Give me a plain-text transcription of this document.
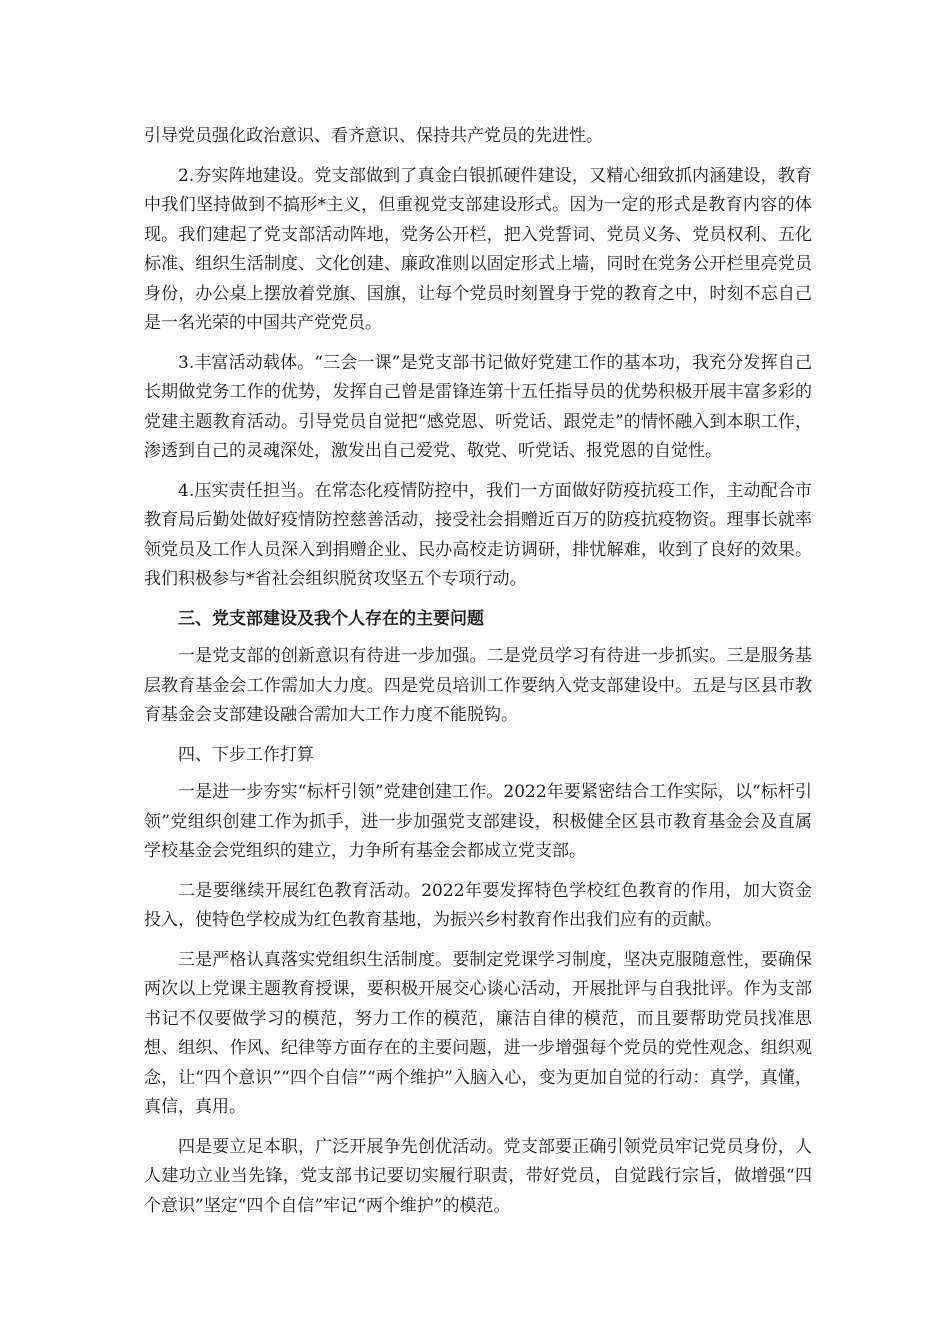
引导党员强化政治意识、看齐意识、保持共产党员的先进性。

2.夯实阵地建设。党支部做到了真金白银抓硬件建设，又精心细致抓内涵建设，教育中我们坚持做到不搞形*主义，但重视党支部建设形式。因为一定的形式是教育内容的体现。我们建起了党支部活动阵地，党务公开栏，把入党誓词、党员义务、党员权利、五化标准、组织生活制度、文化创建、廉政准则以固定形式上墙，同时在党务公开栏里亮党员身份，办公桌上摆放着党旗、国旗，让每个党员时刻置身于党的教育之中，时刻不忘自己是一名光荣的中国共产党党员。

3.丰富活动载体。“三会一课”是党支部书记做好党建工作的基本功，我充分发挥自己长期做党务工作的优势，发挥自己曾是雷锋连第十五任指导员的优势积极开展丰富多彩的党建主题教育活动。引导党员自觉把“感党恩、听党话、跟党走”的情怀融入到本职工作，渗透到自己的灵魂深处，激发出自己爱党、敬党、听党话、报党恩的自觉性。

4.压实责任担当。在常态化疫情防控中，我们一方面做好防疫抗疫工作，主动配合市教育局后勤处做好疫情防控慈善活动，接受社会捐赠近百万的防疫抗疫物资。理事长就率领党员及工作人员深入到捐赠企业、民办高校走访调研，排忧解难，收到了良好的效果。我们积极参与*省社会组织脱贫攻坚五个专项行动。

三、党支部建设及我个人存在的主要问题

一是党支部的创新意识有待进一步加强。二是党员学习有待进一步抓实。三是服务基层教育基金会工作需加大力度。四是党员培训工作要纳入党支部建设中。五是与区县市教育基金会支部建设融合需加大工作力度不能脱钩。

四、下步工作打算

一是进一步夯实“标杆引领”党建创建工作。2022年要紧密结合工作实际，以“标杆引领”党组织创建工作为抓手，进一步加强党支部建设，积极健全区县市教育基金会及直属学校基金会党组织的建立，力争所有基金会都成立党支部。

二是要继续开展红色教育活动。2022年要发挥特色学校红色教育的作用，加大资金投入，使特色学校成为红色教育基地，为振兴乡村教育作出我们应有的贡献。

三是严格认真落实党组织生活制度。要制定党课学习制度，坚决克服随意性，要确保两次以上党课主题教育授课，要积极开展交心谈心活动，开展批评与自我批评。作为支部书记不仅要做学习的模范，努力工作的模范，廉洁自律的模范，而且要帮助党员找准思想、组织、作风、纪律等方面存在的主要问题，进一步增强每个党员的党性观念、组织观念，让“四个意识”“四个自信”“两个维护”入脑入心，变为更加自觉的行动：真学，真懂，真信，真用。

四是要立足本职，广泛开展争先创优活动。党支部要正确引领党员牢记党员身份，人人建功立业当先锋，党支部书记要切实履行职责，带好党员，自觉践行宗旨，做增强“四个意识”坚定“四个自信”牢记“两个维护”的模范。
